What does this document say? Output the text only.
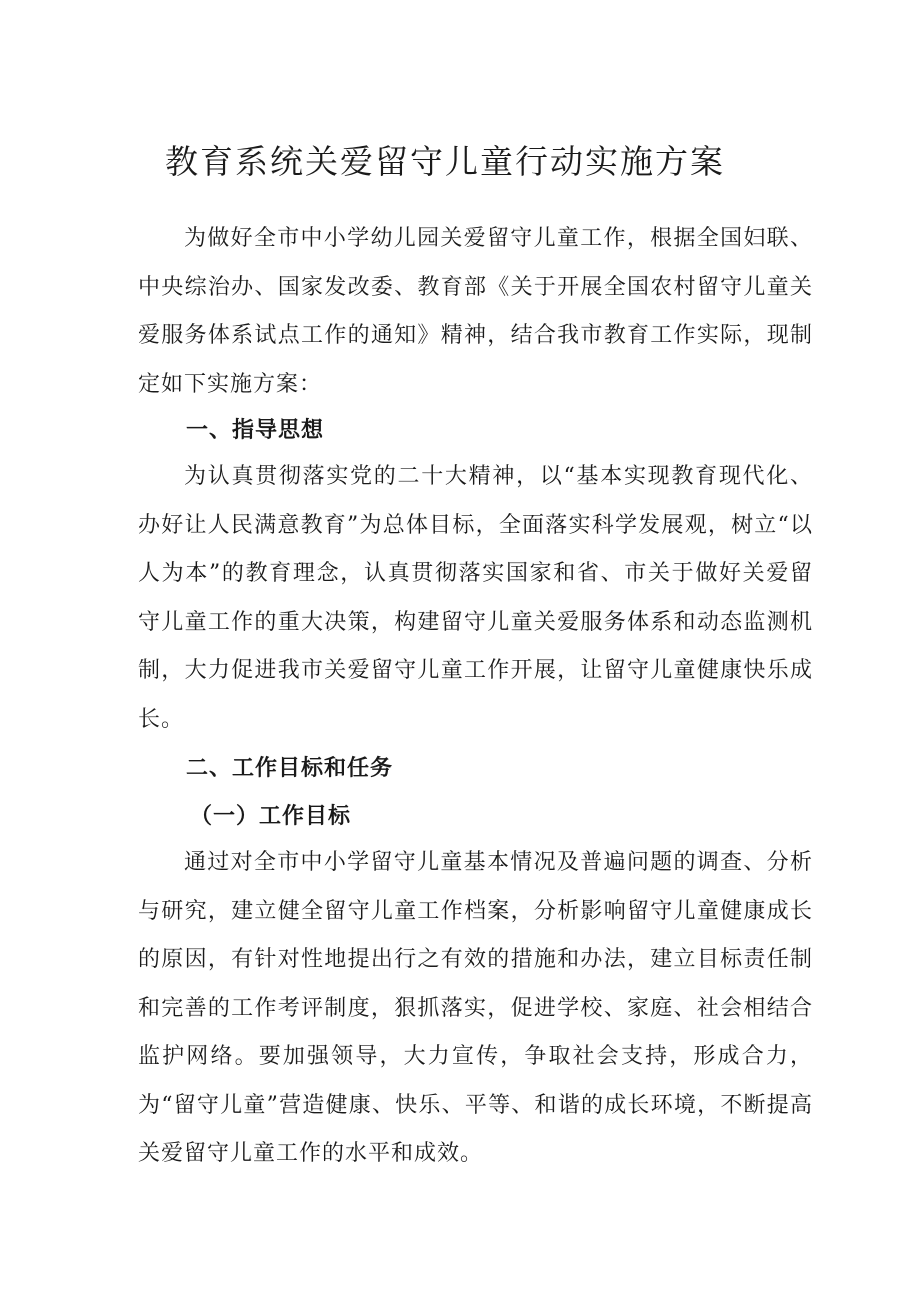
教育系统关爱留守儿童行动实施方案

为做好全市中小学幼儿园关爱留守儿童工作，根据全国妇联、中央综治办、国家发改委、教育部《关于开展全国农村留守儿童关爱服务体系试点工作的通知》精神，结合我市教育工作实际，现制定如下实施方案：

一、指导思想

为认真贯彻落实党的二十大精神，以“基本实现教育现代化、办好让人民满意教育”为总体目标，全面落实科学发展观，树立“以人为本”的教育理念，认真贯彻落实国家和省、市关于做好关爱留守儿童工作的重大决策，构建留守儿童关爱服务体系和动态监测机制，大力促进我市关爱留守儿童工作开展，让留守儿童健康快乐成长。

二、工作目标和任务
（一）工作目标

通过对全市中小学留守儿童基本情况及普遍问题的调查、分析与研究，建立健全留守儿童工作档案，分析影响留守儿童健康成长的原因，有针对性地提出行之有效的措施和办法，建立目标责任制和完善的工作考评制度，狠抓落实，促进学校、家庭、社会相结合监护网络。要加强领导，大力宣传，争取社会支持，形成合力，为“留守儿童”营造健康、快乐、平等、和谐的成长环境，不断提高关爱留守儿童工作的水平和成效。
